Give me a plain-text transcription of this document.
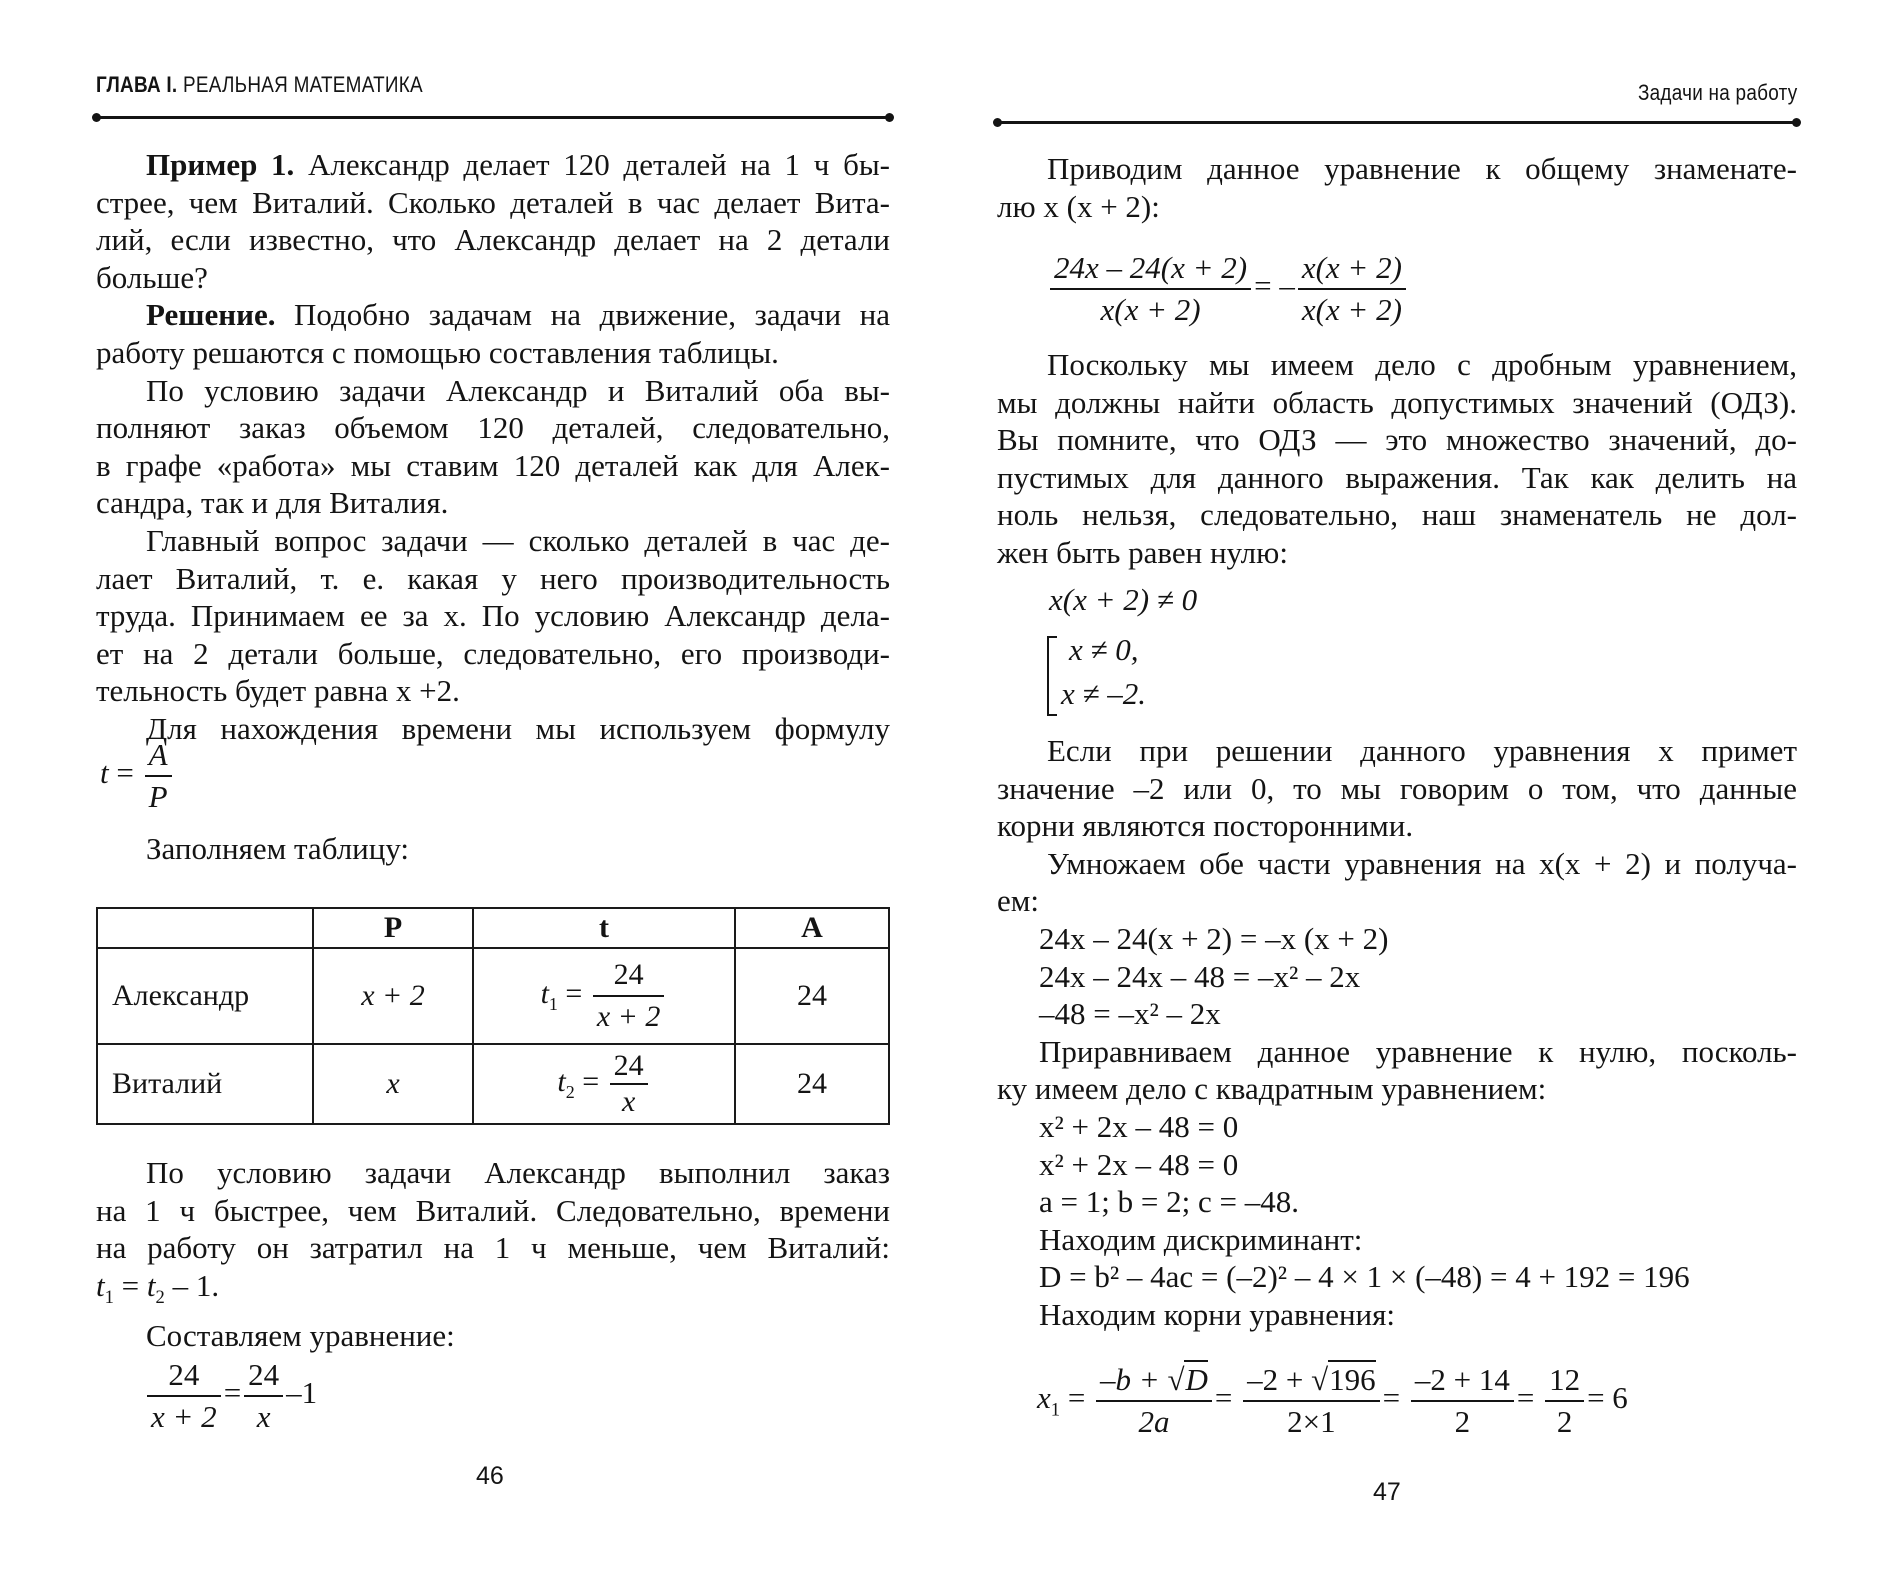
ГЛАВА I. РЕАЛЬНАЯ МАТЕМАТИКА
Пример 1. Александр делает 120 деталей на 1 ч бы-
стрее, чем Виталий. Сколько деталей в час делает Вита-
лий, если известно, что Александр делает на 2 детали
больше?
Решение. Подобно задачам на движение, задачи на
работу решаются с помощью составления таблицы.
По условию задачи Александр и Виталий оба вы-
полняют заказ объемом 120 деталей, следовательно,
в графе «работа» мы ставим 120 деталей как для Алек-
сандра, так и для Виталия.
Главный вопрос задачи — сколько деталей в час де-
лает Виталий, т. е. какая у него производительность
труда. Принимаем ее за x. По условию Александр дела-
ет на 2 детали больше, следовательно, его производи-
тельность будет равна x +2.
Для нахождения времени мы используем формулу
$t = \frac{A}{P}$
Заполняем таблицу:
	P	t	A
Александр	x + 2	$t_1 = \frac{24}{x + 2}$	24
Виталий	x	$t_2 = \frac{24}{x}$	24
По условию задачи Александр выполнил заказ
на 1 ч быстрее, чем Виталий. Следовательно, времени
на работу он затратил на 1 ч меньше, чем Виталий:
$t_1 = t_2 - 1$.
Составляем уравнение:
$\frac{24}{x + 2} = \frac{24}{x} -1$
46
Задачи на работу
Приводим данное уравнение к общему знаменате-
лю x (x + 2):
$\frac{24x - 24(x + 2)}{x(x + 2)}$ = – $\frac{x(x + 2)}{x(x + 2)}$
Поскольку мы имеем дело с дробным уравнением,
мы должны найти область допустимых значений (ОДЗ).
Вы помните, что ОДЗ — это множество значений, до-
пустимых для данного выражения. Так как делить на
ноль нельзя, следовательно, наш знаменатель не дол-
жен быть равен нулю:
x(x + 2) ≠ 0
x ≠ 0,
x ≠ –2.
Если при решении данного уравнения x примет
значение –2 или 0, то мы говорим о том, что данные
корни являются посторонними.
Умножаем обе части уравнения на x(x + 2) и получа-
ем:
24x – 24(x + 2) = –x (x + 2)
24x – 24x – 48 = –x² – 2x
–48 = –x² – 2x
Приравниваем данное уравнение к нулю, посколь-
ку имеем дело с квадратным уравнением:
x² + 2x – 48 = 0
x² + 2x – 48 = 0
a = 1; b = 2; c = –48.
Находим дискриминант:
D = b² – 4ac = (–2)² – 4 × 1 × (–48) = 4 + 192 = 196
Находим корни уравнения:
$x_1 = \frac{-b + √D}{2a} = \frac{-2 + √196}{2\times 1} = \frac{-2 + 14}{2} = \frac{12}{2} = 6$
47
